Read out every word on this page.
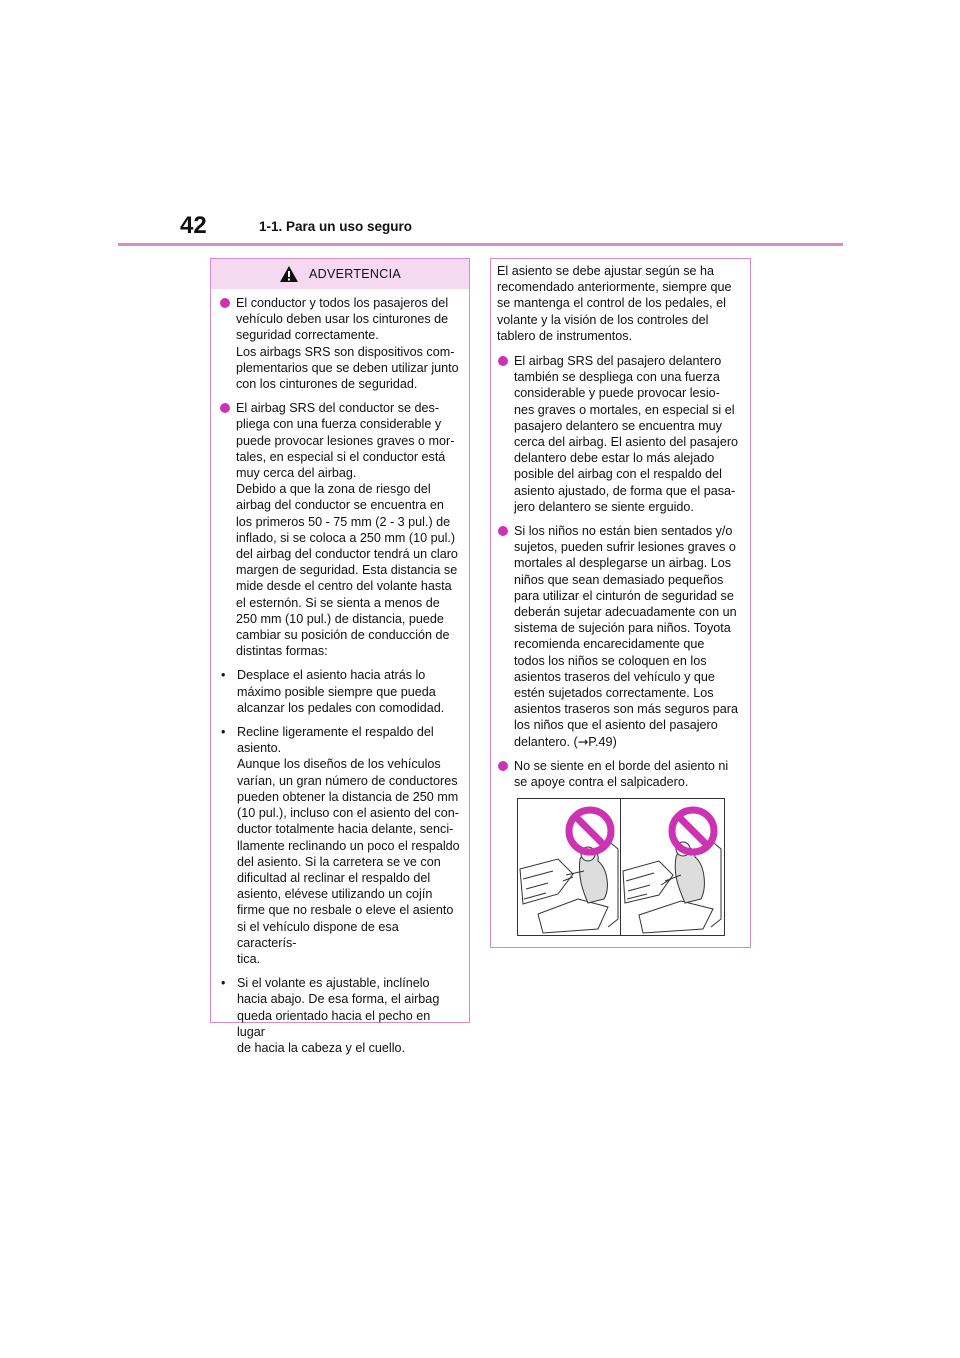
42	1-1. Para un uso seguro
ADVERTENCIA

El conductor y todos los pasajeros del
vehículo deben usar los cinturones de
seguridad correctamente.
Los airbags SRS son dispositivos com-
plementarios que se deben utilizar junto
con los cinturones de seguridad.

El airbag SRS del conductor se des-
pliega con una fuerza considerable y
puede provocar lesiones graves o mor-
tales, en especial si el conductor está
muy cerca del airbag.
Debido a que la zona de riesgo del
airbag del conductor se encuentra en
los primeros 50 - 75 mm (2 - 3 pul.) de
inflado, si se coloca a 250 mm (10 pul.)
del airbag del conductor tendrá un claro
margen de seguridad. Esta distancia se
mide desde el centro del volante hasta
el esternón. Si se sienta a menos de
250 mm (10 pul.) de distancia, puede
cambiar su posición de conducción de
distintas formas:

• Desplace el asiento hacia atrás lo
máximo posible siempre que pueda
alcanzar los pedales con comodidad.

• Recline ligeramente el respaldo del
asiento.
Aunque los diseños de los vehículos
varían, un gran número de conductores
pueden obtener la distancia de 250 mm
(10 pul.), incluso con el asiento del con-
ductor totalmente hacia delante, senci-
llamente reclinando un poco el respaldo
del asiento. Si la carretera se ve con
dificultad al reclinar el respaldo del
asiento, elévese utilizando un cojín
firme que no resbale o eleve el asiento
si el vehículo dispone de esa caracterís-
tica.

• Si el volante es ajustable, inclínelo
hacia abajo. De esa forma, el airbag
queda orientado hacia el pecho en lugar
de hacia la cabeza y el cuello.

El asiento se debe ajustar según se ha
recomendado anteriormente, siempre que
se mantenga el control de los pedales, el
volante y la visión de los controles del
tablero de instrumentos.

El airbag SRS del pasajero delantero
también se despliega con una fuerza
considerable y puede provocar lesio-
nes graves o mortales, en especial si el
pasajero delantero se encuentra muy
cerca del airbag. El asiento del pasajero
delantero debe estar lo más alejado
posible del airbag con el respaldo del
asiento ajustado, de forma que el pasa-
jero delantero se siente erguido.

Si los niños no están bien sentados y/o
sujetos, pueden sufrir lesiones graves o
mortales al desplegarse un airbag. Los
niños que sean demasiado pequeños
para utilizar el cinturón de seguridad se
deberán sujetar adecuadamente con un
sistema de sujeción para niños. Toyota
recomienda encarecidamente que
todos los niños se coloquen en los
asientos traseros del vehículo y que
estén sujetados correctamente. Los
asientos traseros son más seguros para
los niños que el asiento del pasajero
delantero. (→P.49)

No se siente en el borde del asiento ni
se apoye contra el salpicadero.
